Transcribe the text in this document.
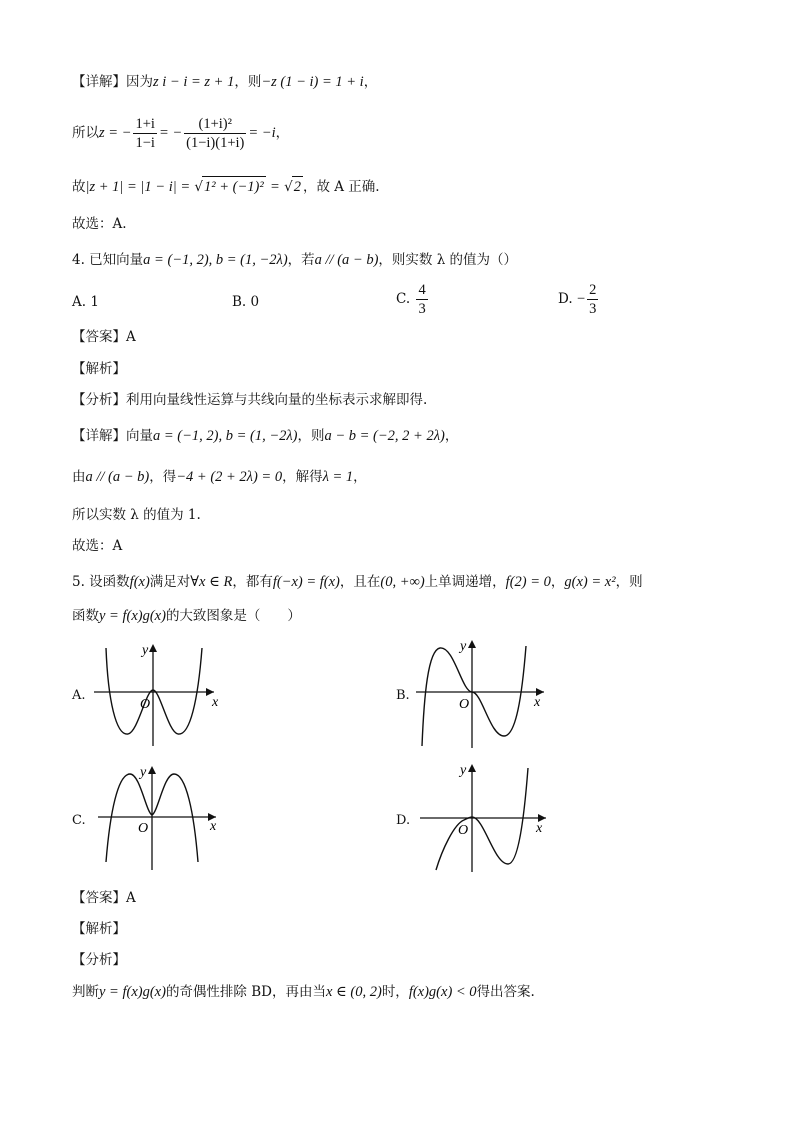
【详解】因为z i − i = z + 1，则−z (1 − i) = 1 + i，
所以z = − $\frac{1+i}{1-i}$ = − $\frac{\text{(1+i)²}}{(1-i)(1+i)} = -i$，
故|z + 1| = |1 − i| = √1² + (−1)² = √2 ，故 A 正确.
故选：A.
4. 已知向量a = (−1, 2), b = (1, −2λ)，若a // (a − b)，则实数 λ 的值为（）
A. 1	B. 0	C. $\frac{4}{3}$	D. − $\frac{2}{3}$
【答案】A
【解析】
【分析】利用向量线性运算与共线向量的坐标表示求解即得.
【详解】向量a = (−1, 2), b = (1, −2λ)，则a − b = (−2, 2 + 2λ)，
由a // (a − b)，得−4 + (2 + 2λ) = 0，解得λ = 1，
所以实数 λ 的值为 1.
故选：A
5. 设函数f(x)满足对∀x ∈ R，都有f(−x) = f(x)，且在(0, +∞)上单调递增，f(2) = 0，g(x) = x²，则
函数y = f(x)g(x)的大致图象是（　　）
A.	x
y
O
B.	x
y
O
C.	x
y
O
D.
x
y
O
【答案】A
【解析】
【分析】
判断y = f(x)g(x)的奇偶性排除 BD，再由当x ∈ (0, 2)时，f(x)g(x) < 0得出答案.
